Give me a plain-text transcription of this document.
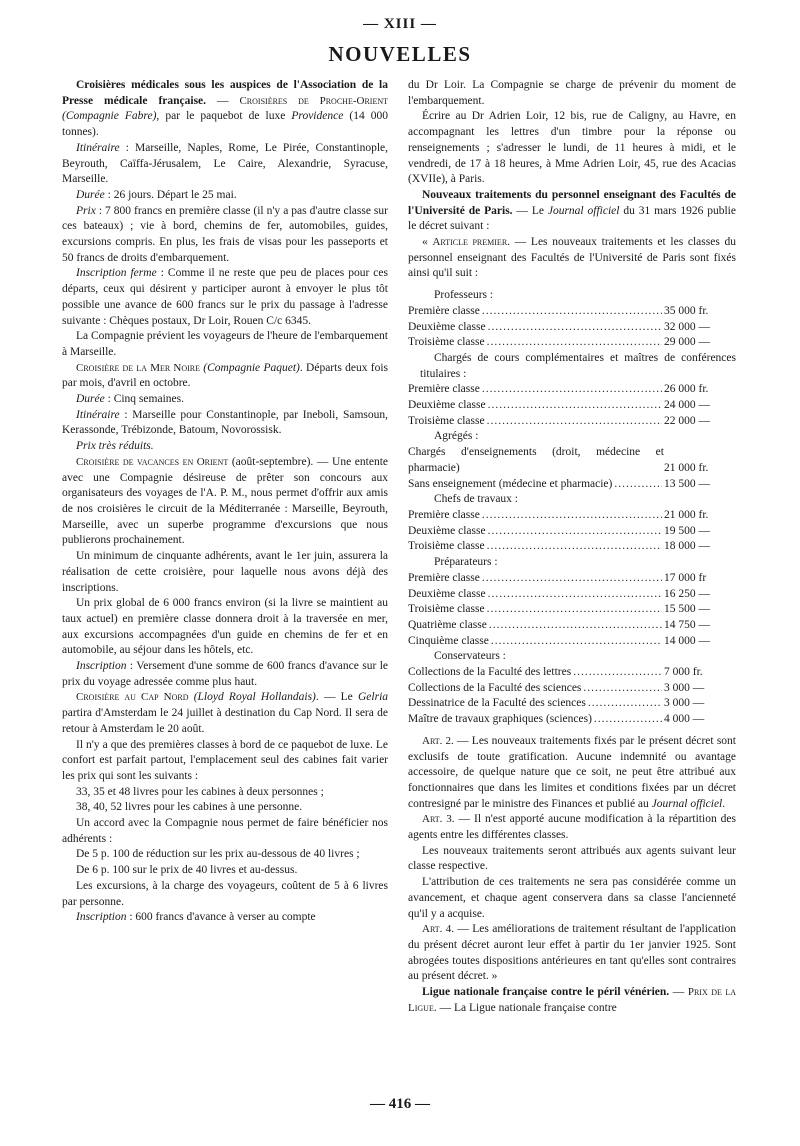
— XIII —
NOUVELLES

Croisières médicales sous les auspices de l'Association de la Presse médicale française. — Croisières de Proche-Orient (Compagnie Fabre), par le paquebot de luxe Providence (14 000 tonnes).

Itinéraire : Marseille, Naples, Rome, Le Pirée, Constantinople, Beyrouth, Caïffa-Jérusalem, Le Caire, Alexandrie, Syracuse, Marseille.

Durée : 26 jours. Départ le 25 mai.

Prix : 7 800 francs en première classe (il n'y a pas d'autre classe sur ces bateaux) ; vie à bord, chemins de fer, automobiles, guides, excursions compris. En plus, les frais de visas pour les passeports et 50 francs de droits d'embarquement.

Inscription ferme : Comme il ne reste que peu de places pour ces départs, ceux qui désirent y participer auront à envoyer le plus tôt possible une avance de 600 francs sur le prix du passage à l'adresse suivante : Chèques postaux, Dr Loir, Rouen C/c 6345.

La Compagnie prévient les voyageurs de l'heure de l'embarquement à Marseille.

Croisière de la Mer Noire (Compagnie Paquet). Départs deux fois par mois, d'avril en octobre.

Durée : Cinq semaines.

Itinéraire : Marseille pour Constantinople, par Ineboli, Samsoun, Kerassonde, Trébizonde, Batoum, Novorossisk.

Prix très réduits.

Croisière de vacances en Orient (août-septembre). — Une entente avec une Compagnie désireuse de prêter son concours aux organisateurs des voyages de l'A. P. M., nous permet d'offrir aux amis de nos croisières le circuit de la Méditerranée : Marseille, Beyrouth, Marseille, avec un superbe programme d'excursions que nous publierons prochainement.

Un minimum de cinquante adhérents, avant le 1er juin, assurera la réalisation de cette croisière, pour laquelle nous avons déjà des inscriptions.

Un prix global de 6 000 francs environ (si la livre se maintient au taux actuel) en première classe donnera droit à la traversée en mer, aux excursions accompagnées d'un guide en chemins de fer et en automobile, au séjour dans les hôtels, etc.

Inscription : Versement d'une somme de 600 francs d'avance sur le prix du voyage adressée comme plus haut.

Croisière au Cap Nord (Lloyd Royal Hollandais). — Le Gelria partira d'Amsterdam le 24 juillet à destination du Cap Nord. Il sera de retour à Amsterdam le 20 août.

Il n'y a que des premières classes à bord de ce paquebot de luxe. Le confort est parfait partout, l'emplacement seul des cabines fait varier les prix qui sont les suivants :

33, 35 et 48 livres pour les cabines à deux personnes ;

38, 40, 52 livres pour les cabines à une personne.

Un accord avec la Compagnie nous permet de faire bénéficier nos adhérents :

De 5 p. 100 de réduction sur les prix au-dessous de 40 livres ;

De 6 p. 100 sur le prix de 40 livres et au-dessus.

Les excursions, à la charge des voyageurs, coûtent de 5 à 6 livres par personne.

Inscription : 600 francs d'avance à verser au compte

du Dr Loir. La Compagnie se charge de prévenir du moment de l'embarquement.

Écrire au Dr Adrien Loir, 12 bis, rue de Caligny, au Havre, en accompagnant les lettres d'un timbre pour la réponse ou renseignements ; s'adresser le lundi, de 11 heures à midi, et le vendredi, de 17 à 18 heures, à Mme Adrien Loir, 45, rue des Acacias (XVIIe), à Paris.

Nouveaux traitements du personnel enseignant des Facultés de l'Université de Paris. — Le Journal officiel du 31 mars 1926 publie le décret suivant :

« Article premier. — Les nouveaux traitements et les classes du personnel enseignant des Facultés de l'Université de Paris sont fixés ainsi qu'il suit :

Professeurs :

Première classe .....	35 000 fr.
Deuxième classe .....	32 000 —
Troisième classe .....	29 000 —

Chargés de cours complémentaires et maîtres de conférences titulaires :

Première classe .....	26 000 fr.
Deuxième classe .....	24 000 —
Troisième classe .....	22 000 —

Agrégés :

Chargés d'enseignements (droit, médecine et pharmacie)	21 000 fr.
Sans enseignement (médecine et pharmacie) .....	13 500 —

Chefs de travaux :

Première classe .....	21 000 fr.
Deuxième classe .....	19 500 —
Troisième classe .....	18 000 —

Préparateurs :

Première classe .....	17 000 fr
Deuxième classe .....	16 250 —
Troisième classe .....	15 500 —
Quatrième classe .....	14 750 —
Cinquième classe .....	14 000 —

Conservateurs :

Collections de la Faculté des lettres .....	7 000 fr.
Collections de la Faculté des sciences .....	3 000 —
Dessinatrice de la Faculté des sciences .....	3 000 —
Maître de travaux graphiques (sciences) .....	4 000 —

Art. 2. — Les nouveaux traitements fixés par le présent décret sont exclusifs de toute gratification. Aucune indemnité ou avantage accessoire, de quelque nature que ce soit, ne peut être attribué aux fonctionnaires que dans les limites et conditions fixées par un décret contresigné par le ministre des Finances et publié au Journal officiel.

Art. 3. — Il n'est apporté aucune modification à la répartition des agents entre les différentes classes.

Les nouveaux traitements seront attribués aux agents suivant leur classe respective.

L'attribution de ces traitements ne sera pas considérée comme un avancement, et chaque agent conservera dans sa classe l'ancienneté qu'il y a acquise.

Art. 4. — Les améliorations de traitement résultant de l'application du présent décret auront leur effet à partir du 1er janvier 1925. Sont abrogées toutes dispositions antérieures en tant qu'elles sont contraires au présent décret. »

Ligue nationale française contre le péril vénérien. — Prix de la Ligue. — La Ligue nationale française contre

— 416 —
